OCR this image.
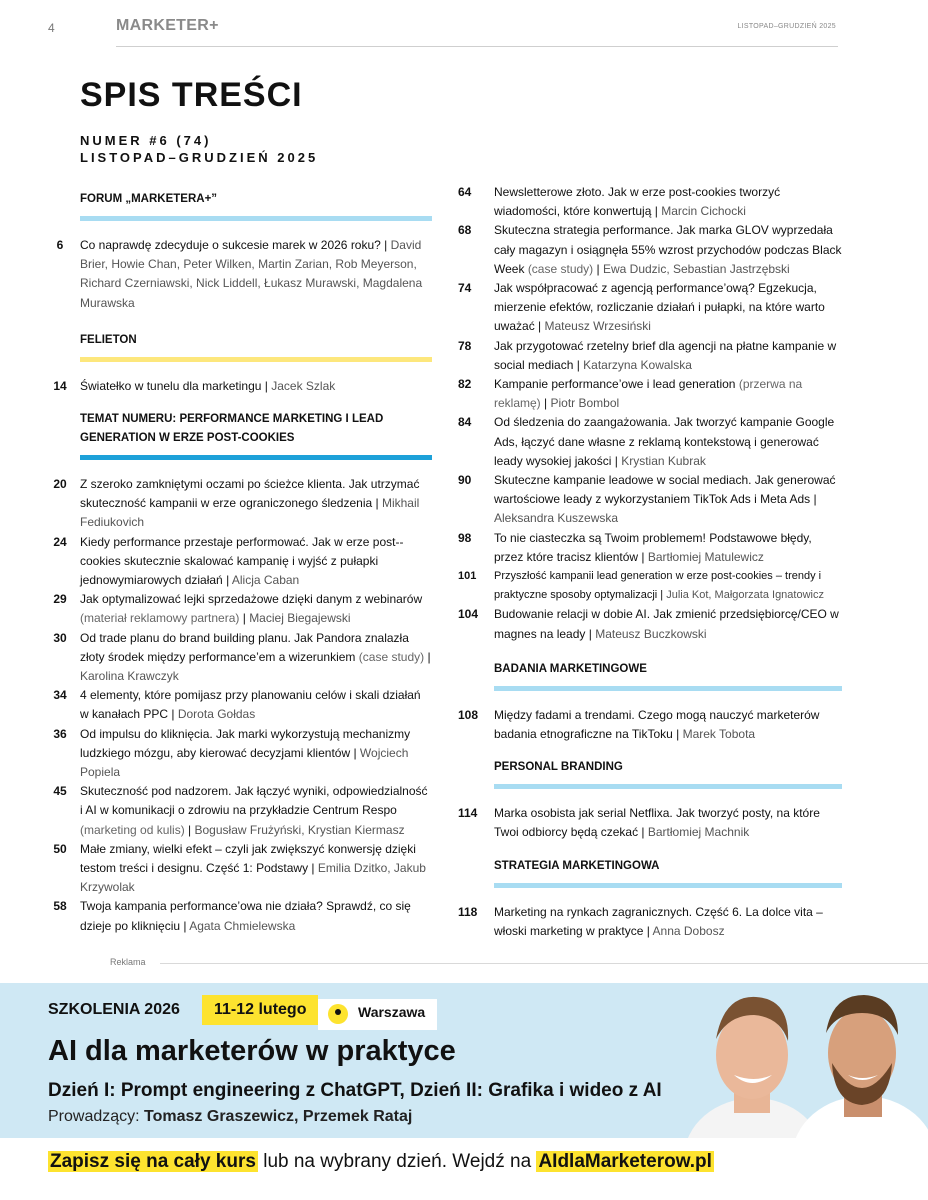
4	MARKETER+	LISTOPAD–GRUDZIEŃ 2025
SPIS TREŚCI
NUMER #6 (74)
LISTOPAD–GRUDZIEŃ 2025
FORUM „MARKETERA+”
6	Co naprawdę zdecyduje o sukcesie marek w 2026 roku? | David Brier, Howie Chan, Peter Wilken, Martin Zarian, Rob Meyerson, Richard Czerniawski, Nick Liddell, Łukasz Murawski, Magdalena Murawska
FELIETON
14	Światełko w tunelu dla marketingu | Jacek Szlak
TEMAT NUMERU: PERFORMANCE MARKETING I LEAD GENERATION W ERZE POST-COOKIES
20	Z szeroko zamkniętymi oczami po ścieżce klienta. Jak utrzymać skuteczność kampanii w erze ograniczonego śledzenia | Mikhail Fediukovich
24	Kiedy performance przestaje performować. Jak w erze post--cookies skutecznie skalować kampanię i wyjść z pułapki jednowymiarowych działań | Alicja Caban
29	Jak optymalizować lejki sprzedażowe dzięki danym z webinarów (materiał reklamowy partnera) | Maciej Biegajewski
30	Od trade planu do brand building planu. Jak Pandora znalazła złoty środek między performance’em a wizerunkiem (case study) | Karolina Krawczyk
34	4 elementy, które pomijasz przy planowaniu celów i skali działań w kanałach PPC | Dorota Gołdas
36	Od impulsu do kliknięcia. Jak marki wykorzystują mechanizmy ludzkiego mózgu, aby kierować decyzjami klientów | Wojciech Popiela
45	Skuteczność pod nadzorem. Jak łączyć wyniki, odpowiedzialność i AI w komunikacji o zdrowiu na przykładzie Centrum Respo (marketing od kulis) | Bogusław Frużyński, Krystian Kiermasz
50	Małe zmiany, wielki efekt – czyli jak zwiększyć konwersję dzięki testom treści i designu. Część 1: Podstawy | Emilia Dzitko, Jakub Krzywolak
58	Twoja kampania performance’owa nie działa? Sprawdź, co się dzieje po kliknięciu | Agata Chmielewska
64	Newsletterowe złoto. Jak w erze post-cookies tworzyć wiadomości, które konwertują | Marcin Cichocki
68	Skuteczna strategia performance. Jak marka GLOV wyprzedała cały magazyn i osiągnęła 55% wzrost przychodów podczas Black Week (case study) | Ewa Dudzic, Sebastian Jastrzębski
74	Jak współpracować z agencją performance’ową? Egzekucja, mierzenie efektów, rozliczanie działań i pułapki, na które warto uważać | Mateusz Wrzesiński
78	Jak przygotować rzetelny brief dla agencji na płatne kampanie w social mediach | Katarzyna Kowalska
82	Kampanie performance’owe i lead generation (przerwa na reklamę) | Piotr Bombol
84	Od śledzenia do zaangażowania. Jak tworzyć kampanie Google Ads, łączyć dane własne z reklamą kontekstową i generować leady wysokiej jakości | Krystian Kubrak
90	Skuteczne kampanie leadowe w social mediach. Jak generować wartościowe leady z wykorzystaniem TikTok Ads i Meta Ads | Aleksandra Kuszewska
98	To nie ciasteczka są Twoim problemem! Podstawowe błędy, przez które tracisz klientów | Bartłomiej Matulewicz
101	Przyszłość kampanii lead generation w erze post-cookies – trendy i praktyczne sposoby optymalizacji | Julia Kot, Małgorzata Ignatowicz
104	Budowanie relacji w dobie AI. Jak zmienić przedsiębiorcę/CEO w magnes na leady | Mateusz Buczkowski
BADANIA MARKETINGOWE
108	Między fadami a trendami. Czego mogą nauczyć marketerów badania etnograficzne na TikToku | Marek Tobota
PERSONAL BRANDING
114	Marka osobista jak serial Netflixa. Jak tworzyć posty, na które Twoi odbiorcy będą czekać | Bartłomiej Machnik
STRATEGIA MARKETINGOWA
118	Marketing na rynkach zagranicznych. Część 6. La dolce vita – włoski marketing w praktyce | Anna Dobosz
Reklama
SZKOLENIA 2026	11-12 lutego	Warszawa
AI dla marketerów w praktyce
Dzień I: Prompt engineering z ChatGPT, Dzień II: Grafika i wideo z AI
Prowadzący: Tomasz Graszewicz, Przemek Rataj
Zapisz się na cały kurs lub na wybrany dzień. Wejdź na AIdlaMarketerow.pl
